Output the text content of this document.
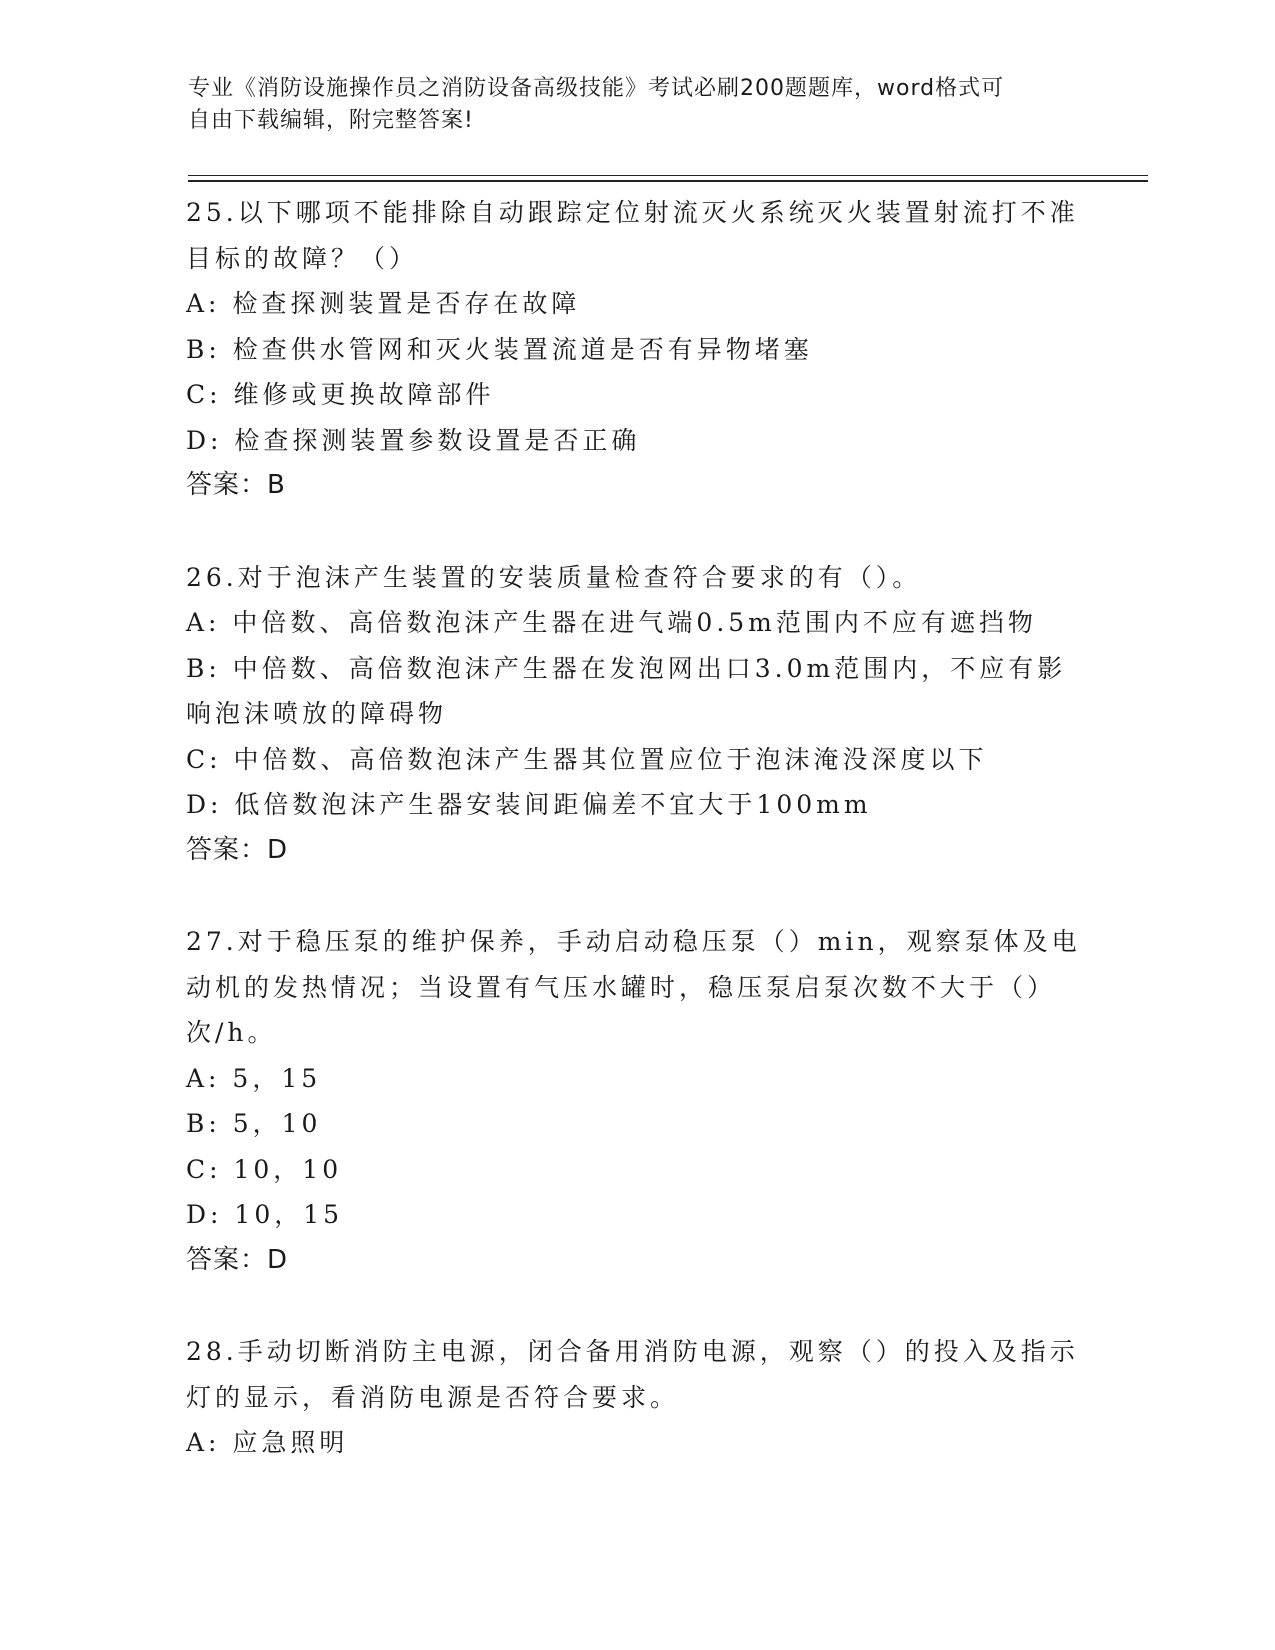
专业《消防设施操作员之消防设备高级技能》考试必刷200题题库，word格式可
自由下载编辑，附完整答案!
25.以下哪项不能排除自动跟踪定位射流灭火系统灭火装置射流打不准
目标的故障？（）
A: 检查探测装置是否存在故障
B: 检查供水管网和灭火装置流道是否有异物堵塞
C: 维修或更换故障部件
D: 检查探测装置参数设置是否正确
答案：B
26.对于泡沫产生装置的安装质量检查符合要求的有（）。
A: 中倍数、高倍数泡沫产生器在进气端0.5m范围内不应有遮挡物
B: 中倍数、高倍数泡沫产生器在发泡网出口3.0m范围内，不应有影
响泡沫喷放的障碍物
C: 中倍数、高倍数泡沫产生器其位置应位于泡沫淹没深度以下
D: 低倍数泡沫产生器安装间距偏差不宜大于100mm
答案：D
27.对于稳压泵的维护保养，手动启动稳压泵（）min，观察泵体及电
动机的发热情况；当设置有气压水罐时，稳压泵启泵次数不大于（）
次/h。
A: 5，15
B: 5，10
C: 10，10
D: 10，15
答案：D
28.手动切断消防主电源，闭合备用消防电源，观察（）的投入及指示
灯的显示，看消防电源是否符合要求。
A: 应急照明
